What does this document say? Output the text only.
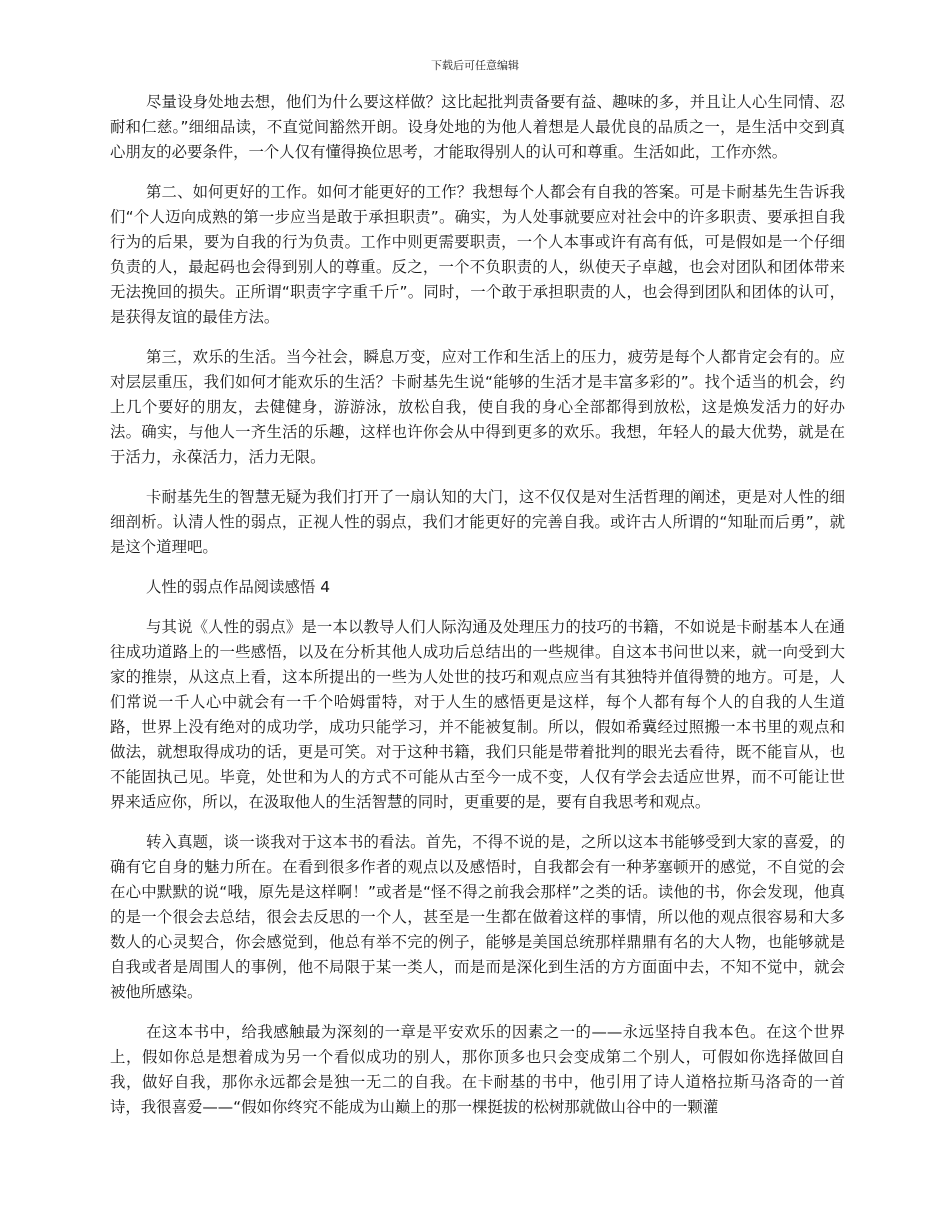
下载后可任意编辑

尽量设身处地去想，他们为什么要这样做？这比起批判责备要有益、趣味的多，并且让人心生同情、忍耐和仁慈。”细细品读，不直觉间豁然开朗。设身处地的为他人着想是人最优良的品质之一，是生活中交到真心朋友的必要条件，一个人仅有懂得换位思考，才能取得别人的认可和尊重。生活如此，工作亦然。

第二、如何更好的工作。如何才能更好的工作？我想每个人都会有自我的答案。可是卡耐基先生告诉我们“个人迈向成熟的第一步应当是敢于承担职责”。确实，为人处事就要应对社会中的许多职责、要承担自我行为的后果，要为自我的行为负责。工作中则更需要职责，一个人本事或许有高有低，可是假如是一个仔细负责的人，最起码也会得到别人的尊重。反之，一个不负职责的人，纵使天子卓越，也会对团队和团体带来无法挽回的损失。正所谓“职责字字重千斤”。同时，一个敢于承担职责的人，也会得到团队和团体的认可，是获得友谊的最佳方法。

第三，欢乐的生活。当今社会，瞬息万变，应对工作和生活上的压力，疲劳是每个人都肯定会有的。应对层层重压，我们如何才能欢乐的生活？卡耐基先生说“能够的生活才是丰富多彩的”。找个适当的机会，约上几个要好的朋友，去健健身，游游泳，放松自我，使自我的身心全部都得到放松，这是焕发活力的好办法。确实，与他人一齐生活的乐趣，这样也许你会从中得到更多的欢乐。我想，年轻人的最大优势，就是在于活力，永葆活力，活力无限。

卡耐基先生的智慧无疑为我们打开了一扇认知的大门，这不仅仅是对生活哲理的阐述，更是对人性的细细剖析。认清人性的弱点，正视人性的弱点，我们才能更好的完善自我。或许古人所谓的“知耻而后勇”，就是这个道理吧。

人性的弱点作品阅读感悟 4

与其说《人性的弱点》是一本以教导人们人际沟通及处理压力的技巧的书籍，不如说是卡耐基本人在通往成功道路上的一些感悟，以及在分析其他人成功后总结出的一些规律。自这本书问世以来，就一向受到大家的推崇，从这点上看，这本所提出的一些为人处世的技巧和观点应当有其独特并值得赞的地方。可是，人们常说一千人心中就会有一千个哈姆雷特，对于人生的感悟更是这样，每个人都有每个人的自我的人生道路，世界上没有绝对的成功学，成功只能学习，并不能被复制。所以，假如希冀经过照搬一本书里的观点和做法，就想取得成功的话，更是可笑。对于这种书籍，我们只能是带着批判的眼光去看待，既不能盲从，也不能固执己见。毕竟，处世和为人的方式不可能从古至今一成不变，人仅有学会去适应世界，而不可能让世界来适应你，所以，在汲取他人的生活智慧的同时，更重要的是，要有自我思考和观点。

转入真题，谈一谈我对于这本书的看法。首先，不得不说的是，之所以这本书能够受到大家的喜爱，的确有它自身的魅力所在。在看到很多作者的观点以及感悟时，自我都会有一种茅塞顿开的感觉，不自觉的会在心中默默的说“哦，原先是这样啊！”或者是“怪不得之前我会那样”之类的话。读他的书，你会发现，他真的是一个很会去总结，很会去反思的一个人，甚至是一生都在做着这样的事情，所以他的观点很容易和大多数人的心灵契合，你会感觉到，他总有举不完的例子，能够是美国总统那样鼎鼎有名的大人物，也能够就是自我或者是周围人的事例，他不局限于某一类人，而是而是深化到生活的方方面面中去，不知不觉中，就会被他所感染。

在这本书中，给我感触最为深刻的一章是平安欢乐的因素之一的——永远坚持自我本色。在这个世界上，假如你总是想着成为另一个看似成功的别人，那你顶多也只会变成第二个别人，可假如你选择做回自我，做好自我，那你永远都会是独一无二的自我。在卡耐基的书中，他引用了诗人道格拉斯马洛奇的一首诗，我很喜爱——“假如你终究不能成为山巅上的那一棵挺拔的松树那就做山谷中的一颗灌
